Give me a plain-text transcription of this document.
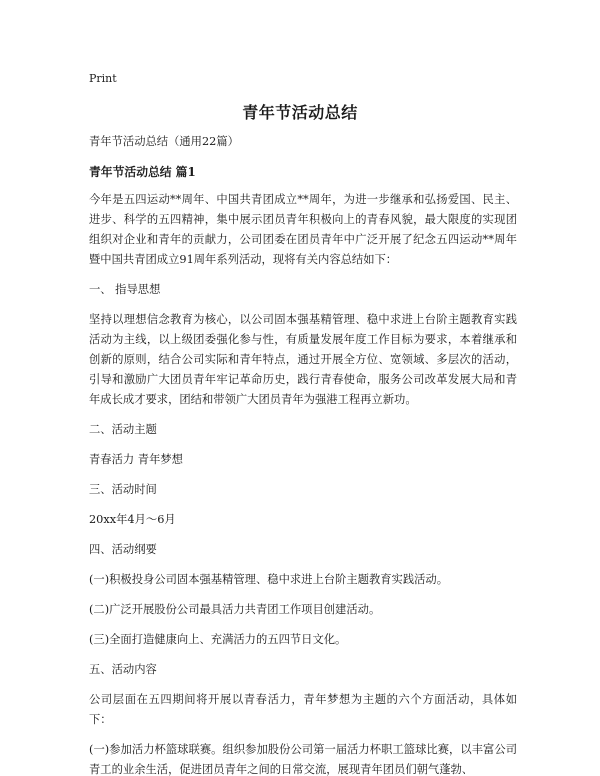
Print
青年节活动总结

青年节活动总结（通用22篇）

青年节活动总结 篇1

今年是五四运动**周年、中国共青团成立**周年，为进一步继承和弘扬爱国、民主、进步、科学的五四精神，集中展示团员青年积极向上的青春风貌，最大限度的实现团组织对企业和青年的贡献力，公司团委在团员青年中广泛开展了纪念五四运动**周年暨中国共青团成立91周年系列活动，现将有关内容总结如下：

一、 指导思想

坚持以理想信念教育为核心，以公司固本强基精管理、稳中求进上台阶主题教育实践活动为主线，以上级团委强化参与性，有质量发展年度工作目标为要求，本着继承和创新的原则，结合公司实际和青年特点，通过开展全方位、宽领域、多层次的活动，引导和激励广大团员青年牢记革命历史，践行青春使命，服务公司改革发展大局和青年成长成才要求，团结和带领广大团员青年为强港工程再立新功。

二、活动主题

青春活力 青年梦想

三、活动时间

20xx年4月～6月

四、活动纲要

(一)积极投身公司固本强基精管理、稳中求进上台阶主题教育实践活动。

(二)广泛开展股份公司最具活力共青团工作项目创建活动。

(三)全面打造健康向上、充满活力的五四节日文化。

五、活动内容

公司层面在五四期间将开展以青春活力，青年梦想为主题的六个方面活动，具体如下：

(一)参加活力杯篮球联赛。组织参加股份公司第一届活力杯职工篮球比赛，以丰富公司青工的业余生活，促进团员青年之间的日常交流，展现青年团员们朝气蓬勃、
